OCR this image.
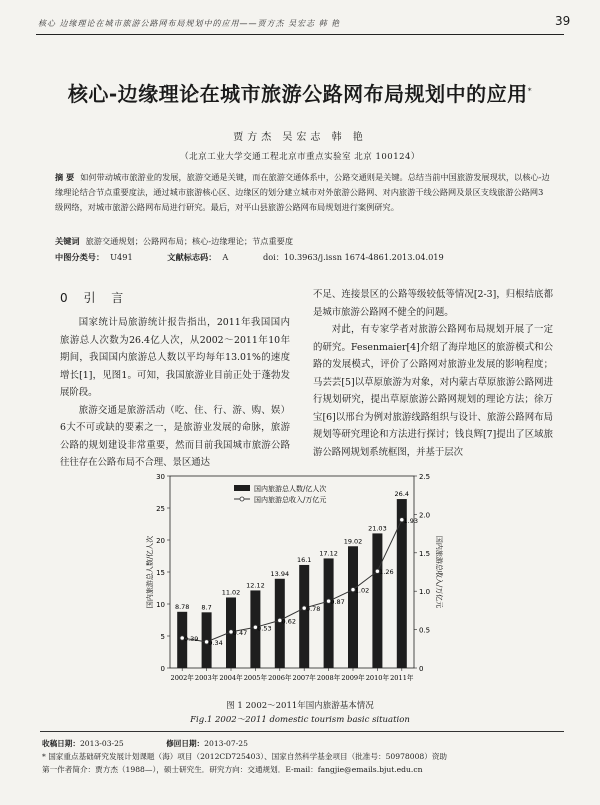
核心 边缘理论在城市旅游公路网布局规划中的应用——贾方杰 吴宏志 韩 艳	39
核心-边缘理论在城市旅游公路网布局规划中的应用*
贾方杰 吴宏志 韩 艳
（北京工业大学交通工程北京市重点实验室 北京 100124）
摘 要 如何带动城市旅游业的发展，旅游交通是关键，而在旅游交通体系中，公路交通则是关键。总结当前中国旅游发展现状，以核心-边缘理论结合节点重要度法，通过城市旅游核心区、边缘区的划分建立城市对外旅游公路网、对内旅游干线公路网及景区支线旅游公路网3级网络，对城市旅游公路网布局进行研究。最后，对平山县旅游公路网布局规划进行案例研究。
关键词 旅游交通规划；公路网布局；核心-边缘理论；节点重要度
中图分类号： U491	文献标志码： A	doi：10.3963/j.issn 1674-4861.2013.04.019
0 引 言

国家统计局旅游统计报告指出，2011年我国国内旅游总人次数为26.4亿人次，从2002～2011年10年期间，我国国内旅游总人数以平均每年13.01%的速度增长[1]，见图1。可知，我国旅游业目前正处于蓬勃发展阶段。

旅游交通是旅游活动（吃、住、行、游、购、娱）6大不可或缺的要素之一，是旅游业发展的命脉，旅游公路的规划建设非常重要，然而目前我国城市旅游公路往往存在公路布局不合理、景区通达

不足、连接景区的公路等级较低等情况[2-3]，归根结底都是城市旅游公路网不健全的问题。

对此，有专家学者对旅游公路网布局规划开展了一定的研究。Fesenmaier[4]介绍了海岸地区的旅游模式和公路的发展模式，评价了公路网对旅游业发展的影响程度；马芸芸[5]以草原旅游为对象，对内蒙古草原旅游公路网进行规划研究，提出草原旅游公路网规划的理论方法；徐万宝[6]以邢台为例对旅游线路组织与设计、旅游公路网布局规划等研究理论和方法进行探讨；钱良辉[7]提出了区域旅游公路网规划系统框图，并基于层次

0
5
10
15
20
25
30
0
0.5
1.0
1.5
2.0
2.5
国内旅游总人数/亿人次	国内旅游总收入/万亿元
8.78 8.7
11.02
12.12
13.94
16.1
17.12
19.02
21.03
26.4
0.39 0.34
0.47
0.53
0.62
0.78
0.87
1.02
1.26
1.93
2002年 2003年 2004年 2005年 2006年 2007年 2008年 2009年 2010年 2011年
国内旅游总人数/亿人次
国内旅游总收入/万亿元
图 1 2002～2011年国内旅游基本情况
Fig.1 2002～2011 domestic tourism basic situation
收稿日期：2013-03-25	修回日期：2013-07-25
* 国家重点基础研究发展计划课题（海）项目（2012CD725403）、国家自然科学基金项目（批准号：50978008）资助
第一作者简介：贾方杰（1988—），硕士研究生．研究方向：交通规划．E-mail：fangjie@emails.bjut.edu.cn
